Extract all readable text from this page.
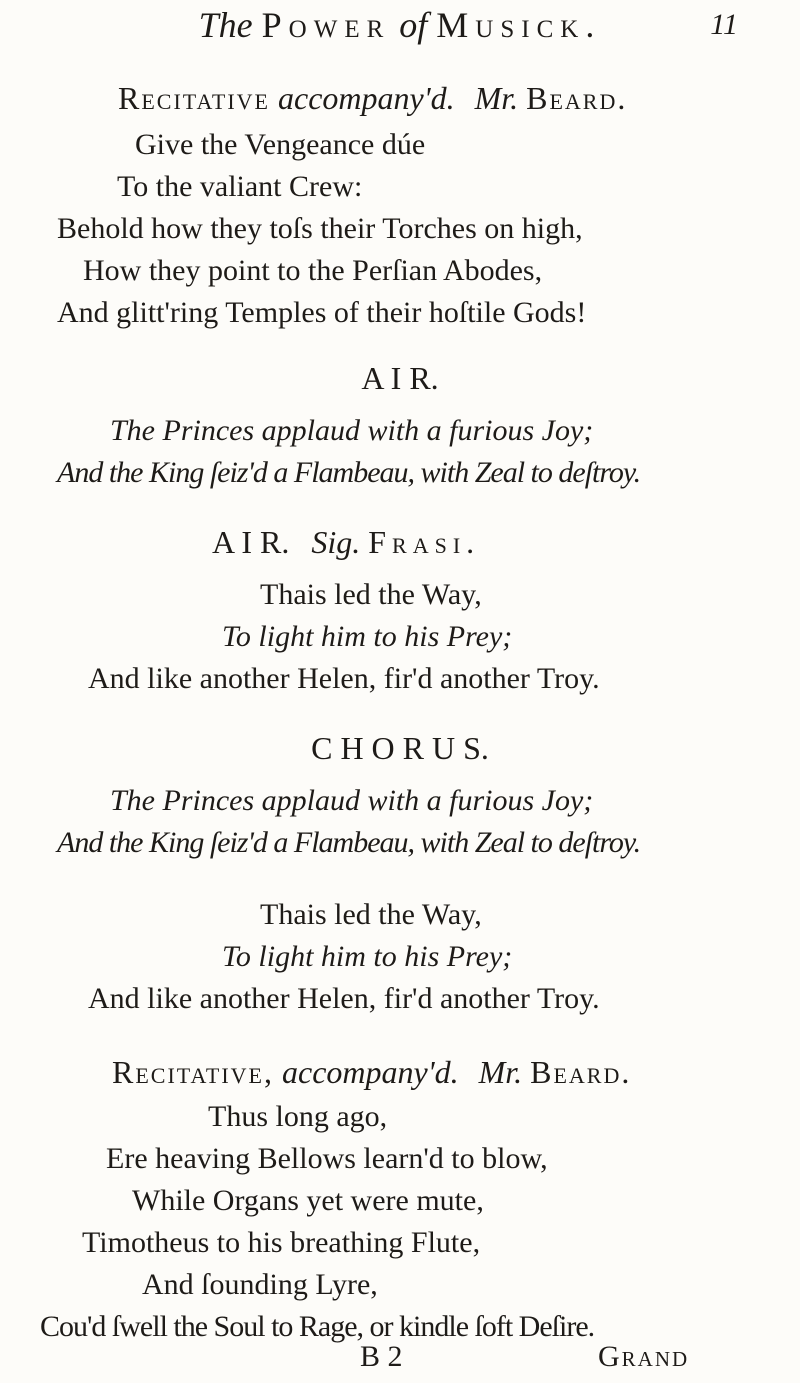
The Power of Musick.	11
Recitative accompany'd. Mr. Beard.
Give the Vengeance dúe
To the valiant Crew:
Behold how they toſs their Torches on high,
How they point to the Perſian Abodes,
And glitt'ring Temples of their hoſtile Gods!
A I R.
The Princes applaud with a furious Joy;
And the King ſeiz'd a Flambeau, with Zeal to deſtroy.
A I R. Sig. Frasi.
Thais led the Way,
To light him to his Prey;
And like another Helen, fir'd another Troy.
C H O R U S.
The Princes applaud with a furious Joy;
And the King ſeiz'd a Flambeau, with Zeal to deſtroy.
Thais led the Way,
To light him to his Prey;
And like another Helen, fir'd another Troy.
Recitative, accompany'd. Mr. Beard.
Thus long ago,
Ere heaving Bellows learn'd to blow,
While Organs yet were mute,
Timotheus to his breathing Flute,
And ſounding Lyre,
Cou'd ſwell the Soul to Rage, or kindle ſoft Deſire.
B 2	Grand
